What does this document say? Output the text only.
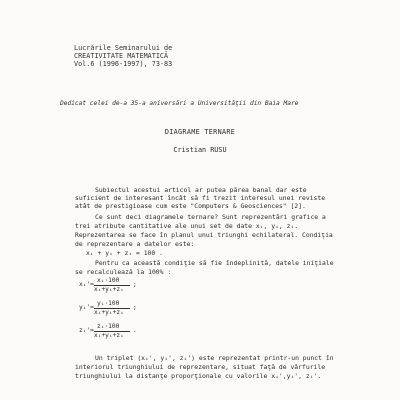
Lucrările Seminarului de
CREATIVITATE MATEMATICĂ
Vol.6 (1996-1997), 73-83
Dedicat celei de-a 35-a aniversări a Universităţii din Baia Mare
DIAGRAME TERNARE
Cristian RUSU
Subiectul acestui articol ar putea părea banal dar este
suficient de interesant încât să fi trezit interesul unei reviste
atât de prestigioase cum este "Computers & Geosciences" [2].
Ce sunt deci diagramele ternare? Sunt reprezentări grafice a
trei atribute cantitative ale unui set de date xᵢ, yᵢ, zᵢ.
Reprezentarea se face în planul unui triunghi echilateral. Condiţia
de reprezentare a datelor este:
xᵢ + yᵢ + zᵢ = 100 .
Pentru ca această condiţie să fie îndeplinită, datele iniţiale
se recalculează la 100% :
xᵢ'=
xᵢ·100
xᵢ+yᵢ+zᵢ
;
yᵢ'=
yᵢ·100
xᵢ+yᵢ+zᵢ
;
zᵢ'=
zᵢ·100
xᵢ+yᵢ+zᵢ
.
Un triplet (xᵢ', yᵢ', zᵢ') este reprezentat printr-un punct în
interiorul triunghiului de reprezentare, situat faţă de vârfurile
triunghiului la distanţe proporţionale cu valorile xᵢ',yᵢ', zᵢ'.
